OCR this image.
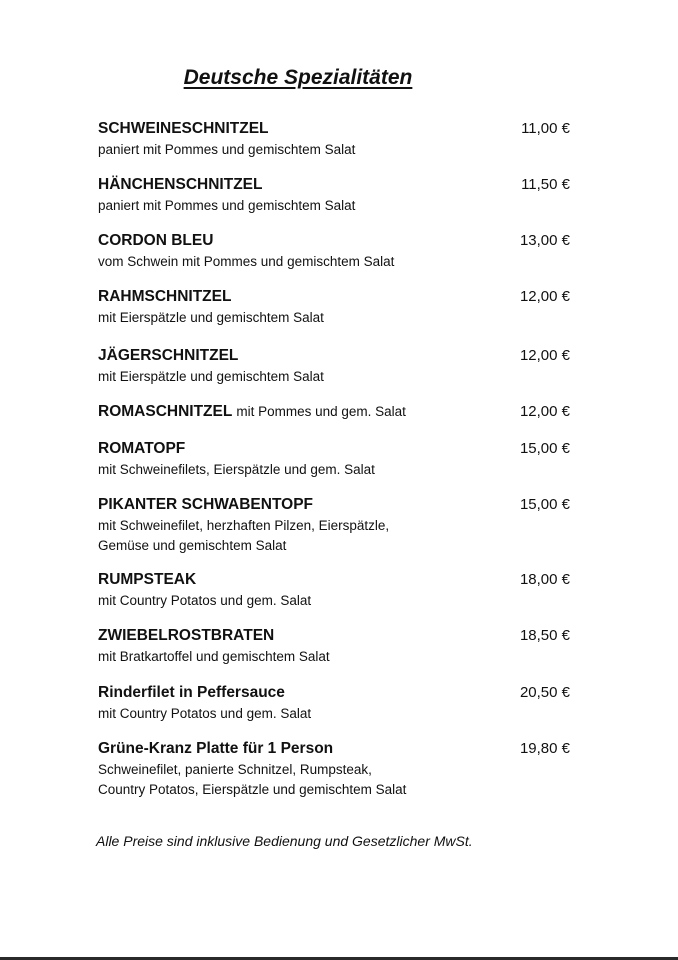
Deutsche Spezialitäten
SCHWEINESCHNITZEL	11,00 €
paniert mit Pommes und gemischtem Salat
HÄNCHENSCHNITZEL	11,50 €
paniert mit Pommes und gemischtem Salat
CORDON BLEU	13,00 €
vom Schwein mit Pommes und gemischtem Salat
RAHMSCHNITZEL	12,00 €
mit Eierspätzle und gemischtem Salat
JÄGERSCHNITZEL	12,00 €
mit Eierspätzle und gemischtem Salat
ROMASCHNITZEL mit Pommes und gem. Salat	12,00 €
ROMATOPF	15,00 €
mit Schweinefilets, Eierspätzle und gem. Salat
PIKANTER SCHWABENTOPF	15,00 €
mit Schweinefilet, herzhaften Pilzen, Eierspätzle,
Gemüse und gemischtem Salat
RUMPSTEAK	18,00 €
mit Country Potatos und gem. Salat
ZWIEBELROSTBRATEN	18,50 €
mit Bratkartoffel und gemischtem Salat
Rinderfilet in Peffersauce	20,50 €
mit Country Potatos und gem. Salat
Grüne-Kranz Platte für 1 Person	19,80 €
Schweinefilet, panierte Schnitzel, Rumpsteak,
Country Potatos, Eierspätzle und gemischtem Salat

Alle Preise sind inklusive Bedienung und Gesetzlicher MwSt.
